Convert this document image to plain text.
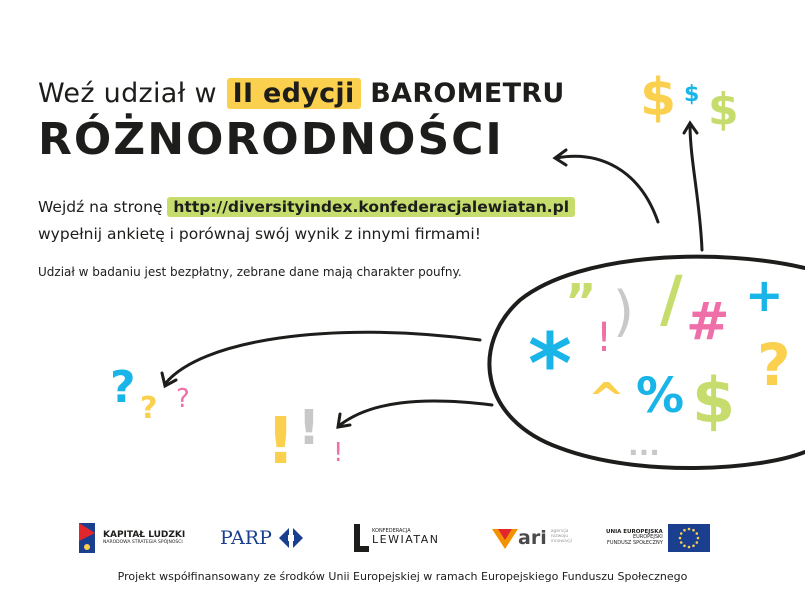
Weź udział w II edycji BAROMETRU
RÓŻNORODNOŚCI
Wejdź na stronę http://diversityindex.konfederacjalewiatan.pl
wypełnij ankietę i porównaj swój wynik z innymi firmami!
Udział w badaniu jest bezpłatny, zebrane dane mają charakter poufny.
$ $ $
” )
!
/ # +
* ^ % $ ?
...
? ? ?
! ! !
KAPITAŁ LUDZKI
NARODOWA STRATEGIA SPÓJNOŚCI PARP	KONFEDERACJA
LEWIATAN	ari agencja rozwoju innowacji
UNIA EUROPEJSKA
EUROPEJSKI
FUNDUSZ SPOŁECZNY
Projekt współfinansowany ze środków Unii Europejskiej w ramach Europejskiego Funduszu Społecznego
